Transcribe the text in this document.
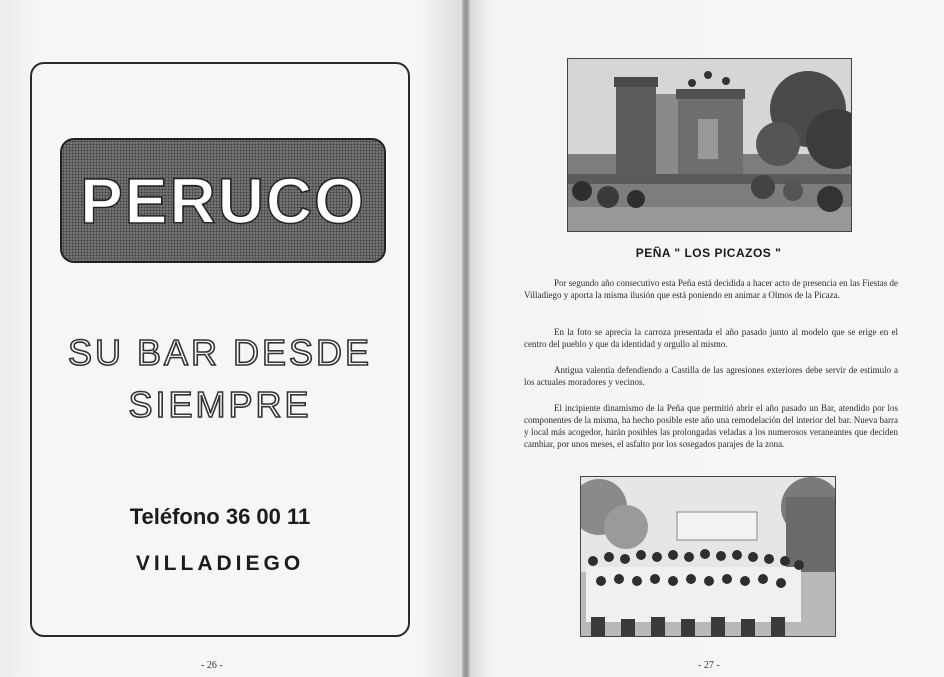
PERUCO
SU BAR DESDE
SIEMPRE
Teléfono 36 00 11
VILLADIEGO
- 26 -
PEÑA " LOS PICAZOS "

Por segundo año consecutivo esta Peña está decidida a hacer acto de presencia en las Fiestas de Villadiego y aporta la misma ilusión que está poniendo en animar a Olmos de la Picaza.

En la foto se aprecia la carroza presentada el año pasado junto al modelo que se erige en el centro del pueblo y que da identidad y orgullo al mismo.

Antigua valentía defendiendo a Castilla de las agresiones exteriores debe servir de estímulo a los actuales moradores y vecinos.

El incipiente dinamismo de la Peña que permitió abrir el año pasado un Bar, atendido por los componentes de la misma, ha hecho posible este año una remodelación del interior del bar. Nueva barra y local más acogedor, harán posibles las prolongadas veladas a los numerosos veraneantes que deciden cambiar, por unos meses, el asfalto por los sosegados parajes de la zona.

- 27 -
